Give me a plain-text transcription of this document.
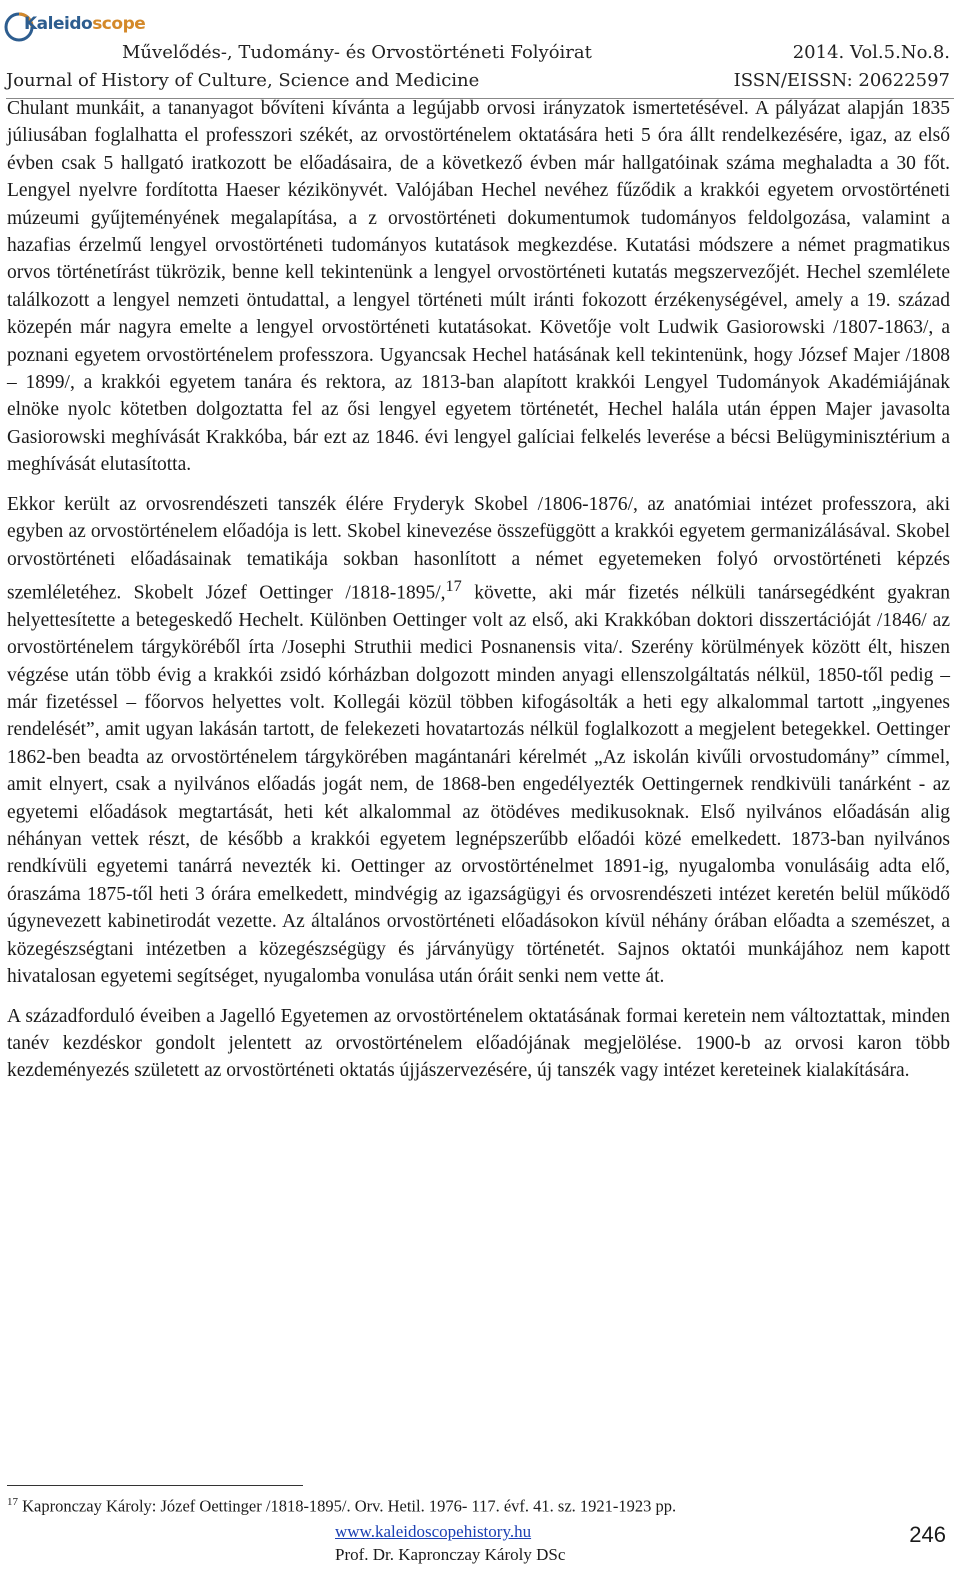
Kaleidoscope
Művelődés-, Tudomány- és Orvostörténeti Folyóirat	2014. Vol.5.No.8.
Journal of History of Culture, Science and Medicine	ISSN/EISSN: 20622597

Chulant munkáit, a tananyagot bővíteni kívánta a legújabb orvosi irányzatok ismertetésével. A pályázat alapján 1835 júliusában foglalhatta el professzori székét, az orvostörténelem oktatására heti 5 óra állt rendelkezésére, igaz, az első évben csak 5 hallgató iratkozott be előadásaira, de a következő évben már hallgatóinak száma meghaladta a 30 főt. Lengyel nyelvre fordította Haeser kézikönyvét. Valójában Hechel nevéhez fűződik a krakkói egyetem orvostörténeti múzeumi gyűjteményének megalapítása, a z orvostörténeti dokumentumok tudományos feldolgozása, valamint a hazafias érzelmű lengyel orvostörténeti tudományos kutatások megkezdése. Kutatási módszere a német pragmatikus orvos történetírást tükrözik, benne kell tekintenünk a lengyel orvostörténeti kutatás megszervezőjét. Hechel szemlélete találkozott a lengyel nemzeti öntudattal, a lengyel történeti múlt iránti fokozott érzékenységével, amely a 19. század közepén már nagyra emelte a lengyel orvostörténeti kutatásokat. Követője volt Ludwik Gasiorowski /1807-1863/, a poznani egyetem orvostörténelem professzora. Ugyancsak Hechel hatásának kell tekintenünk, hogy József Majer /1808 – 1899/, a krakkói egyetem tanára és rektora, az 1813-ban alapított krakkói Lengyel Tudományok Akadémiájának elnöke nyolc kötetben dolgoztatta fel az ősi lengyel egyetem történetét, Hechel halála után éppen Majer javasolta Gasiorowski meghívását Krakkóba, bár ezt az 1846. évi lengyel galíciai felkelés leverése a bécsi Belügyminisztérium a meghívását elutasította.

Ekkor került az orvosrendészeti tanszék élére Fryderyk Skobel /1806-1876/, az anatómiai intézet professzora, aki egyben az orvostörténelem előadója is lett. Skobel kinevezése összefüggött a krakkói egyetem germanizálásával. Skobel orvostörténeti előadásainak tematikája sokban hasonlított a német egyetemeken folyó orvostörténeti képzés szemléletéhez. Skobelt Józef Oettinger /1818-1895/,$^{17}$ követte, aki már fizetés nélküli tanársegédként gyakran helyettesítette a betegeskedő Hechelt. Különben Oettinger volt az első, aki Krakkóban doktori disszertációját /1846/ az orvostörténelem tárgyköréből írta /Josephi Struthii medici Posnanensis vita/. Szerény körülmények között élt, hiszen végzése után több évig a krakkói zsidó kórházban dolgozott minden anyagi ellenszolgáltatás nélkül, 1850-től pedig – már fizetéssel – főorvos helyettes volt. Kollegái közül többen kifogásolták a heti egy alkalommal tartott „ingyenes rendelését”, amit ugyan lakásán tartott, de felekezeti hovatartozás nélkül foglalkozott a megjelent betegekkel. Oettinger 1862-ben beadta az orvostörténelem tárgykörében magántanári kérelmét „Az iskolán kivűli orvostudomány” címmel, amit elnyert, csak a nyilvános előadás jogát nem, de 1868-ben engedélyezték Oettingernek rendkivüli tanárként - az egyetemi előadások megtartását, heti két alkalommal az ötödéves medikusoknak. Első nyilvános előadásán alig néhányan vettek részt, de később a krakkói egyetem legnépszerűbb előadói közé emelkedett. 1873-ban nyilvános rendkívüli egyetemi tanárrá nevezték ki. Oettinger az orvostörténelmet 1891-ig, nyugalomba vonulásáig adta elő, óraszáma 1875-től heti 3 órára emelkedett, mindvégig az igazságügyi és orvosrendészeti intézet keretén belül működő úgynevezett kabinetirodát vezette. Az általános orvostörténeti előadásokon kívül néhány órában előadta a szemészet, a közegészségtani intézetben a közegészségügy és járványügy történetét. Sajnos oktatói munkájához nem kapott hivatalosan egyetemi segítséget, nyugalomba vonulása után óráit senki nem vette át.

A századforduló éveiben a Jagelló Egyetemen az orvostörténelem oktatásának formai keretein nem változtattak, minden tanév kezdéskor gondolt jelentett az orvostörténelem előadójának megjelölése. 1900-b az orvosi karon több kezdeményezés született az orvostörténeti oktatás újjászervezésére, új tanszék vagy intézet kereteinek kialakítására.

$^{17}$ Kapronczay Károly: Józef Oettinger /1818-1895/. Orv. Hetil. 1976- 117. évf. 41. sz. 1921-1923 pp.
www.kaleidoscopehistory.hu
Prof. Dr. Kapronczay Károly DSc
246
